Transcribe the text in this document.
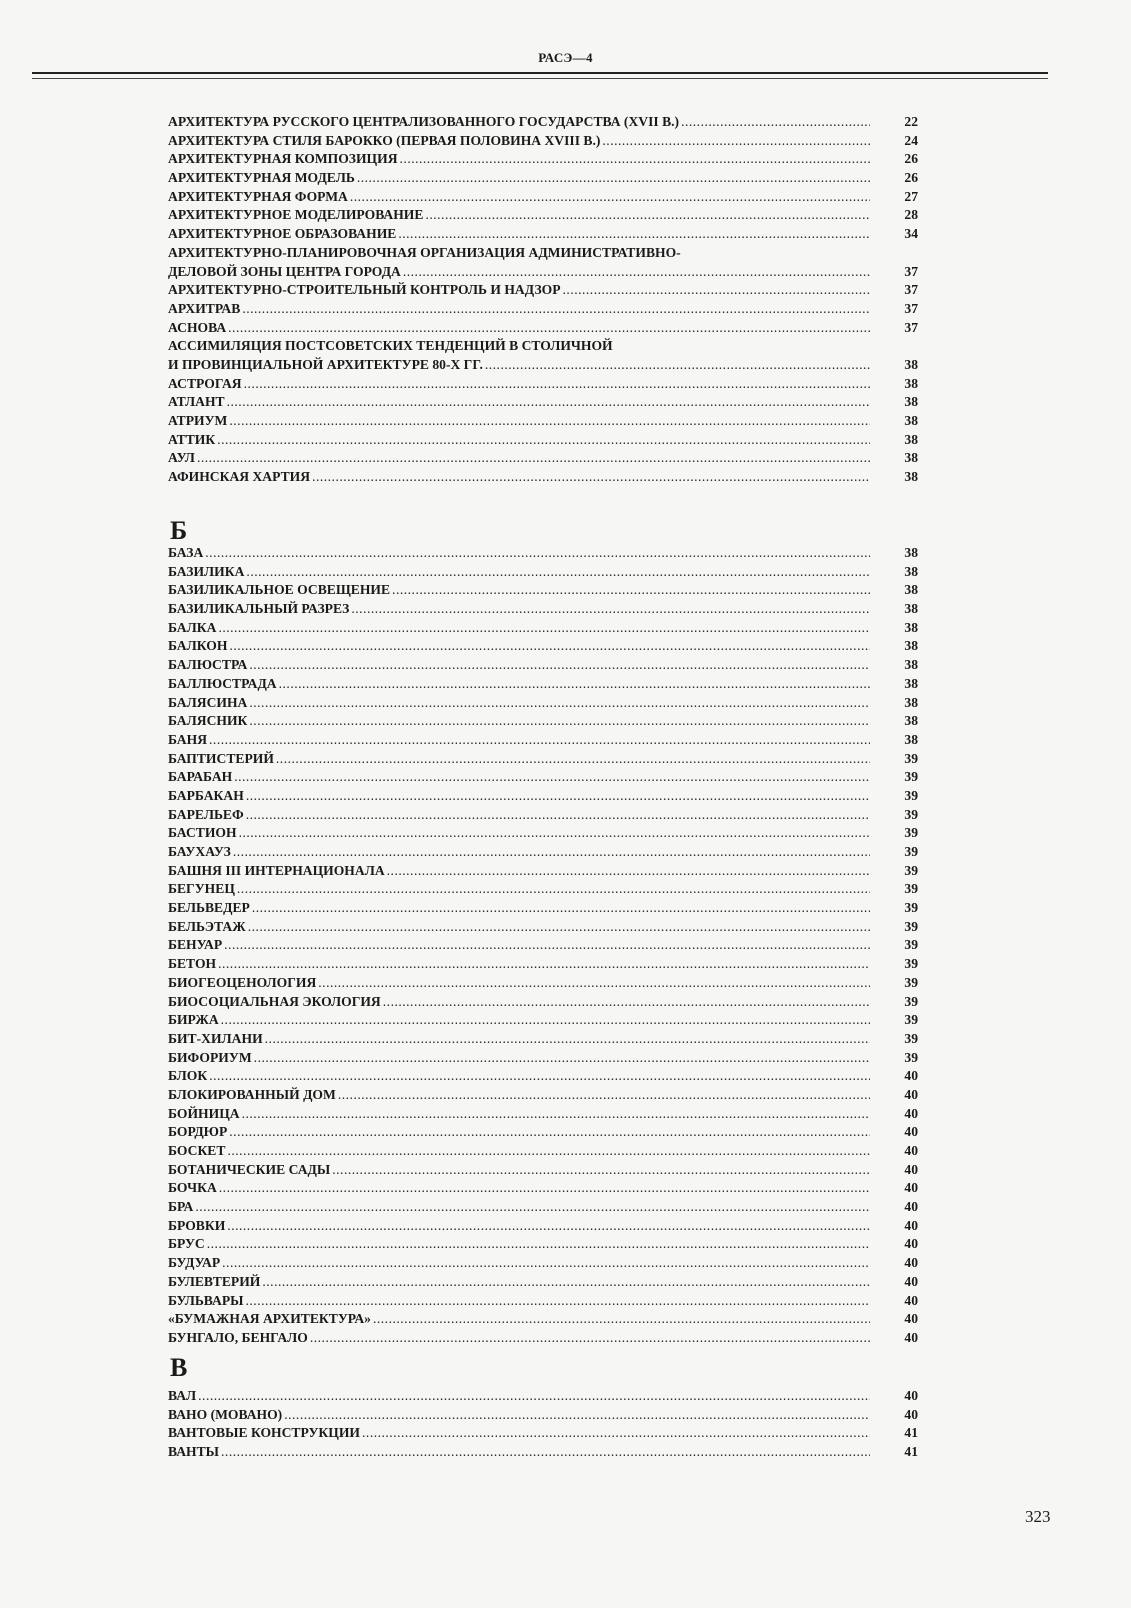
РАСЭ—4
АРХИТЕКТУРА РУССКОГО ЦЕНТРАЛИЗОВАННОГО ГОСУДАРСТВА (XVII В.) .....	22
АРХИТЕКТУРА СТИЛЯ БАРОККО (ПЕРВАЯ ПОЛОВИНА XVIII В.) .....	24
АРХИТЕКТУРНАЯ КОМПОЗИЦИЯ .....	26
АРХИТЕКТУРНАЯ МОДЕЛЬ .....	26
АРХИТЕКТУРНАЯ ФОРМА .....	27
АРХИТЕКТУРНОЕ МОДЕЛИРОВАНИЕ .....	28
АРХИТЕКТУРНОЕ ОБРАЗОВАНИЕ .....	34
АРХИТЕКТУРНО-ПЛАНИРОВОЧНАЯ ОРГАНИЗАЦИЯ АДМИНИСТРАТИВНО-
ДЕЛОВОЙ ЗОНЫ ЦЕНТРА ГОРОДА .....	37
АРХИТЕКТУРНО-СТРОИТЕЛЬНЫЙ КОНТРОЛЬ И НАДЗОР .....	37
АРХИТРАВ .....	37
АСНОВА .....	37
АССИМИЛЯЦИЯ ПОСТСОВЕТСКИХ ТЕНДЕНЦИЙ В СТОЛИЧНОЙ
И ПРОВИНЦИАЛЬНОЙ АРХИТЕКТУРЕ 80-Х ГГ. .....	38
АСТРОГАЯ .....	38
АТЛАНТ .....	38
АТРИУМ .....	38
АТТИК .....	38
АУЛ .....	38
АФИНСКАЯ ХАРТИЯ .....	38
Б
БАЗА .....	38
БАЗИЛИКА .....	38
БАЗИЛИКАЛЬНОЕ ОСВЕЩЕНИЕ .....	38
БАЗИЛИКАЛЬНЫЙ РАЗРЕЗ .....	38
БАЛКА .....	38
БАЛКОН .....	38
БАЛЮСТРА .....	38
БАЛЛЮСТРАДА .....	38
БАЛЯСИНА .....	38
БАЛЯСНИК .....	38
БАНЯ .....	38
БАПТИСТЕРИЙ .....	39
БАРАБАН .....	39
БАРБАКАН .....	39
БАРЕЛЬЕФ .....	39
БАСТИОН .....	39
БАУХАУЗ .....	39
БАШНЯ III ИНТЕРНАЦИОНАЛА .....	39
БЕГУНЕЦ .....	39
БЕЛЬВЕДЕР .....	39
БЕЛЬЭТАЖ .....	39
БЕНУАР .....	39
БЕТОН .....	39
БИОГЕОЦЕНОЛОГИЯ .....	39
БИОСОЦИАЛЬНАЯ ЭКОЛОГИЯ .....	39
БИРЖА .....	39
БИТ-ХИЛАНИ .....	39
БИФОРИУМ .....	39
БЛОК .....	40
БЛОКИРОВАННЫЙ ДОМ .....	40
БОЙНИЦА .....	40
БОРДЮР .....	40
БОСКЕТ .....	40
БОТАНИЧЕСКИЕ САДЫ .....	40
БОЧКА .....	40
БРА .....	40
БРОВКИ .....	40
БРУС .....	40
БУДУАР .....	40
БУЛЕВТЕРИЙ .....	40
БУЛЬВАРЫ .....	40
«БУМАЖНАЯ АРХИТЕКТУРА» .....	40
БУНГАЛО, БЕНГАЛО .....	40
В
ВАЛ .....	40
ВАНО (МОВАНО) .....	40
ВАНТОВЫЕ КОНСТРУКЦИИ .....	41
ВАНТЫ .....	41
323
